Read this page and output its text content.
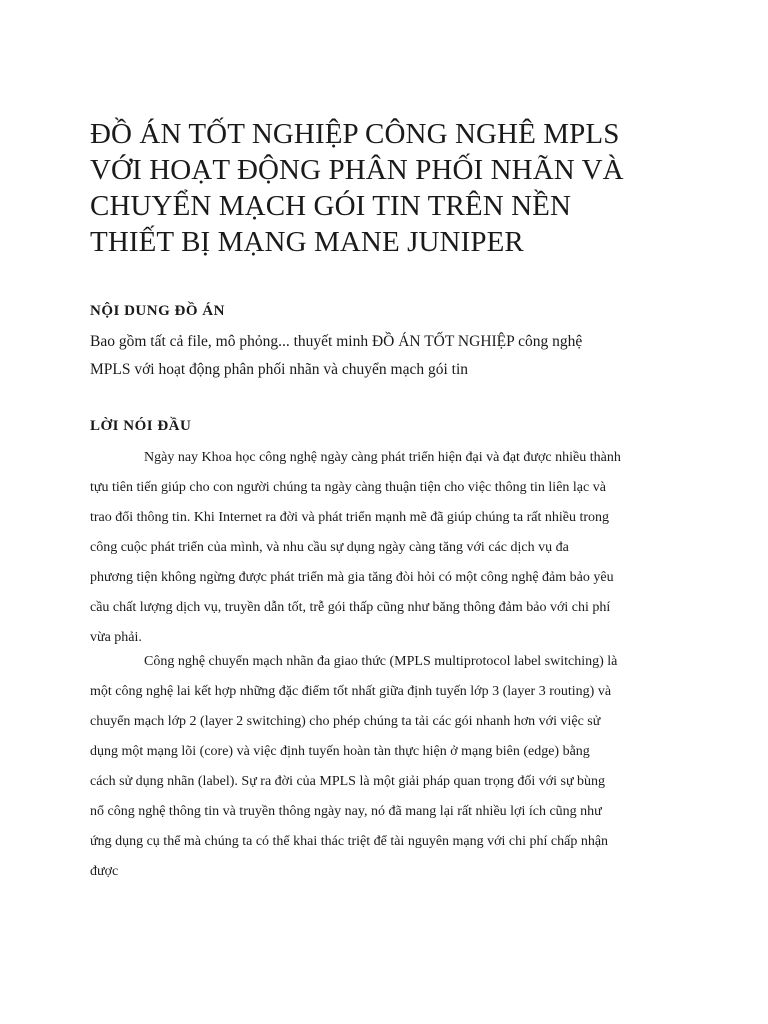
ĐỒ ÁN TỐT NGHIỆP CÔNG NGHÊ MPLS
VỚI HOẠT ĐỘNG PHÂN PHỐI NHÃN VÀ
CHUYỂN MẠCH GÓI TIN TRÊN NỀN
THIẾT BỊ MẠNG MANE JUNIPER
NỘI DUNG ĐỒ ÁN
Bao gồm tất cả file, mô phỏng... thuyết minh ĐỒ ÁN TỐT NGHIỆP công nghệ
MPLS với hoạt động phân phối nhãn và chuyển mạch gói tin
LỜI NÓI ĐẦU
Ngày nay Khoa học công nghệ ngày càng phát triển hiện đại và đạt được nhiều thành
tựu tiên tiến giúp cho con người chúng ta ngày càng thuận tiện cho việc thông tin liên lạc và
trao đổi thông tin. Khi Internet ra đời và phát triển mạnh mẽ đã giúp chúng ta rất nhiều trong
công cuộc phát triển của mình, và nhu cầu sự dụng ngày càng tăng với các dịch vụ đa
phương tiện không ngừng được phát triển mà gia tăng đòi hỏi có một công nghệ đảm bảo yêu
cầu chất lượng dịch vụ, truyền dẫn tốt, trễ gói thấp cũng như băng thông đảm bảo với chi phí
vừa phải.
Công nghệ chuyển mạch nhãn đa giao thức (MPLS multiprotocol label switching) là
một công nghệ lai kết hợp những đặc điểm tốt nhất giữa định tuyến lớp 3 (layer 3 routing) và
chuyển mạch lớp 2 (layer 2 switching) cho phép chúng ta tải các gói nhanh hơn với việc sử
dụng một mạng lõi (core) và việc định tuyến hoàn tàn thực hiện ở mạng biên (edge) bằng
cách sử dụng nhãn (label). Sự ra đời của MPLS là một giải pháp quan trọng đối với sự bùng
nổ công nghệ thông tin và truyền thông ngày nay, nó đã mang lại rất nhiều lợi ích cũng như
ứng dụng cụ thể mà chúng ta có thể khai thác triệt để tài nguyên mạng với chi phí chấp nhận
được
